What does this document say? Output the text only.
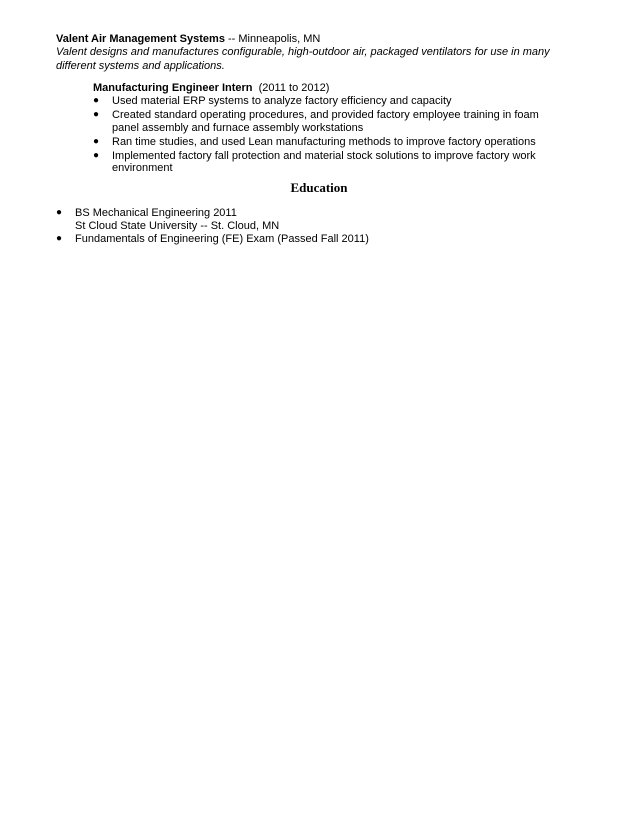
Valent Air Management Systems -- Minneapolis, MN
Valent designs and manufactures configurable, high-outdoor air, packaged ventilators for use in many different systems and applications.
Manufacturing Engineer Intern (2011 to 2012)
● Used material ERP systems to analyze factory efficiency and capacity
● Created standard operating procedures, and provided factory employee training in foam panel assembly and furnace assembly workstations
● Ran time studies, and used Lean manufacturing methods to improve factory operations
● Implemented factory fall protection and material stock solutions to improve factory work environment
Education
● BS Mechanical Engineering 2011
St Cloud State University -- St. Cloud, MN
● Fundamentals of Engineering (FE) Exam (Passed Fall 2011)
